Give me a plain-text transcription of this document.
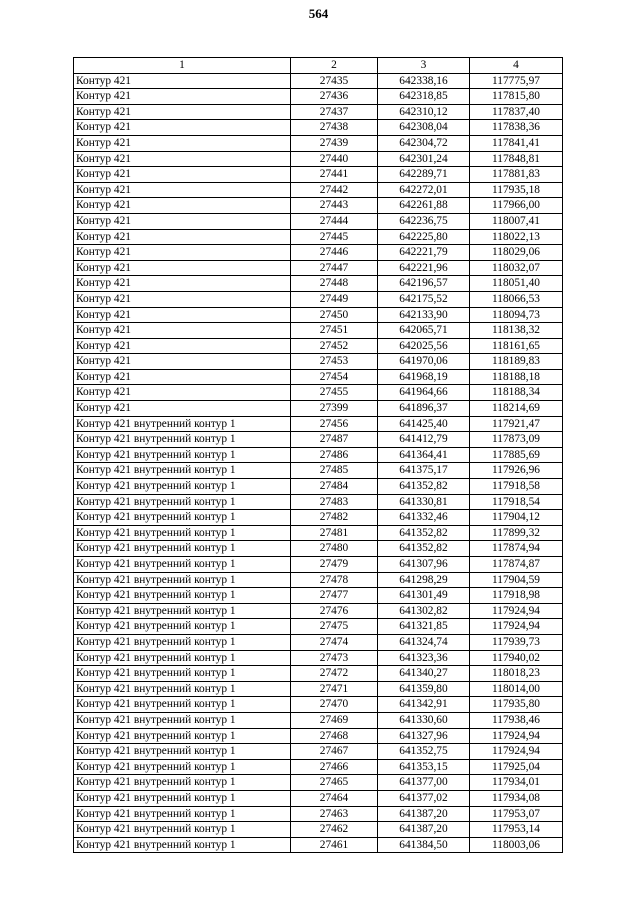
564
1	2	3	4
Контур 421	27435	642338,16	117775,97
Контур 421	27436	642318,85	117815,80
Контур 421	27437	642310,12	117837,40
Контур 421	27438	642308,04	117838,36
Контур 421	27439	642304,72	117841,41
Контур 421	27440	642301,24	117848,81
Контур 421	27441	642289,71	117881,83
Контур 421	27442	642272,01	117935,18
Контур 421	27443	642261,88	117966,00
Контур 421	27444	642236,75	118007,41
Контур 421	27445	642225,80	118022,13
Контур 421	27446	642221,79	118029,06
Контур 421	27447	642221,96	118032,07
Контур 421	27448	642196,57	118051,40
Контур 421	27449	642175,52	118066,53
Контур 421	27450	642133,90	118094,73
Контур 421	27451	642065,71	118138,32
Контур 421	27452	642025,56	118161,65
Контур 421	27453	641970,06	118189,83
Контур 421	27454	641968,19	118188,18
Контур 421	27455	641964,66	118188,34
Контур 421	27399	641896,37	118214,69
Контур 421 внутренний контур 1	27456	641425,40	117921,47
Контур 421 внутренний контур 1	27487	641412,79	117873,09
Контур 421 внутренний контур 1	27486	641364,41	117885,69
Контур 421 внутренний контур 1	27485	641375,17	117926,96
Контур 421 внутренний контур 1	27484	641352,82	117918,58
Контур 421 внутренний контур 1	27483	641330,81	117918,54
Контур 421 внутренний контур 1	27482	641332,46	117904,12
Контур 421 внутренний контур 1	27481	641352,82	117899,32
Контур 421 внутренний контур 1	27480	641352,82	117874,94
Контур 421 внутренний контур 1	27479	641307,96	117874,87
Контур 421 внутренний контур 1	27478	641298,29	117904,59
Контур 421 внутренний контур 1	27477	641301,49	117918,98
Контур 421 внутренний контур 1	27476	641302,82	117924,94
Контур 421 внутренний контур 1	27475	641321,85	117924,94
Контур 421 внутренний контур 1	27474	641324,74	117939,73
Контур 421 внутренний контур 1	27473	641323,36	117940,02
Контур 421 внутренний контур 1	27472	641340,27	118018,23
Контур 421 внутренний контур 1	27471	641359,80	118014,00
Контур 421 внутренний контур 1	27470	641342,91	117935,80
Контур 421 внутренний контур 1	27469	641330,60	117938,46
Контур 421 внутренний контур 1	27468	641327,96	117924,94
Контур 421 внутренний контур 1	27467	641352,75	117924,94
Контур 421 внутренний контур 1	27466	641353,15	117925,04
Контур 421 внутренний контур 1	27465	641377,00	117934,01
Контур 421 внутренний контур 1	27464	641377,02	117934,08
Контур 421 внутренний контур 1	27463	641387,20	117953,07
Контур 421 внутренний контур 1	27462	641387,20	117953,14
Контур 421 внутренний контур 1	27461	641384,50	118003,06
